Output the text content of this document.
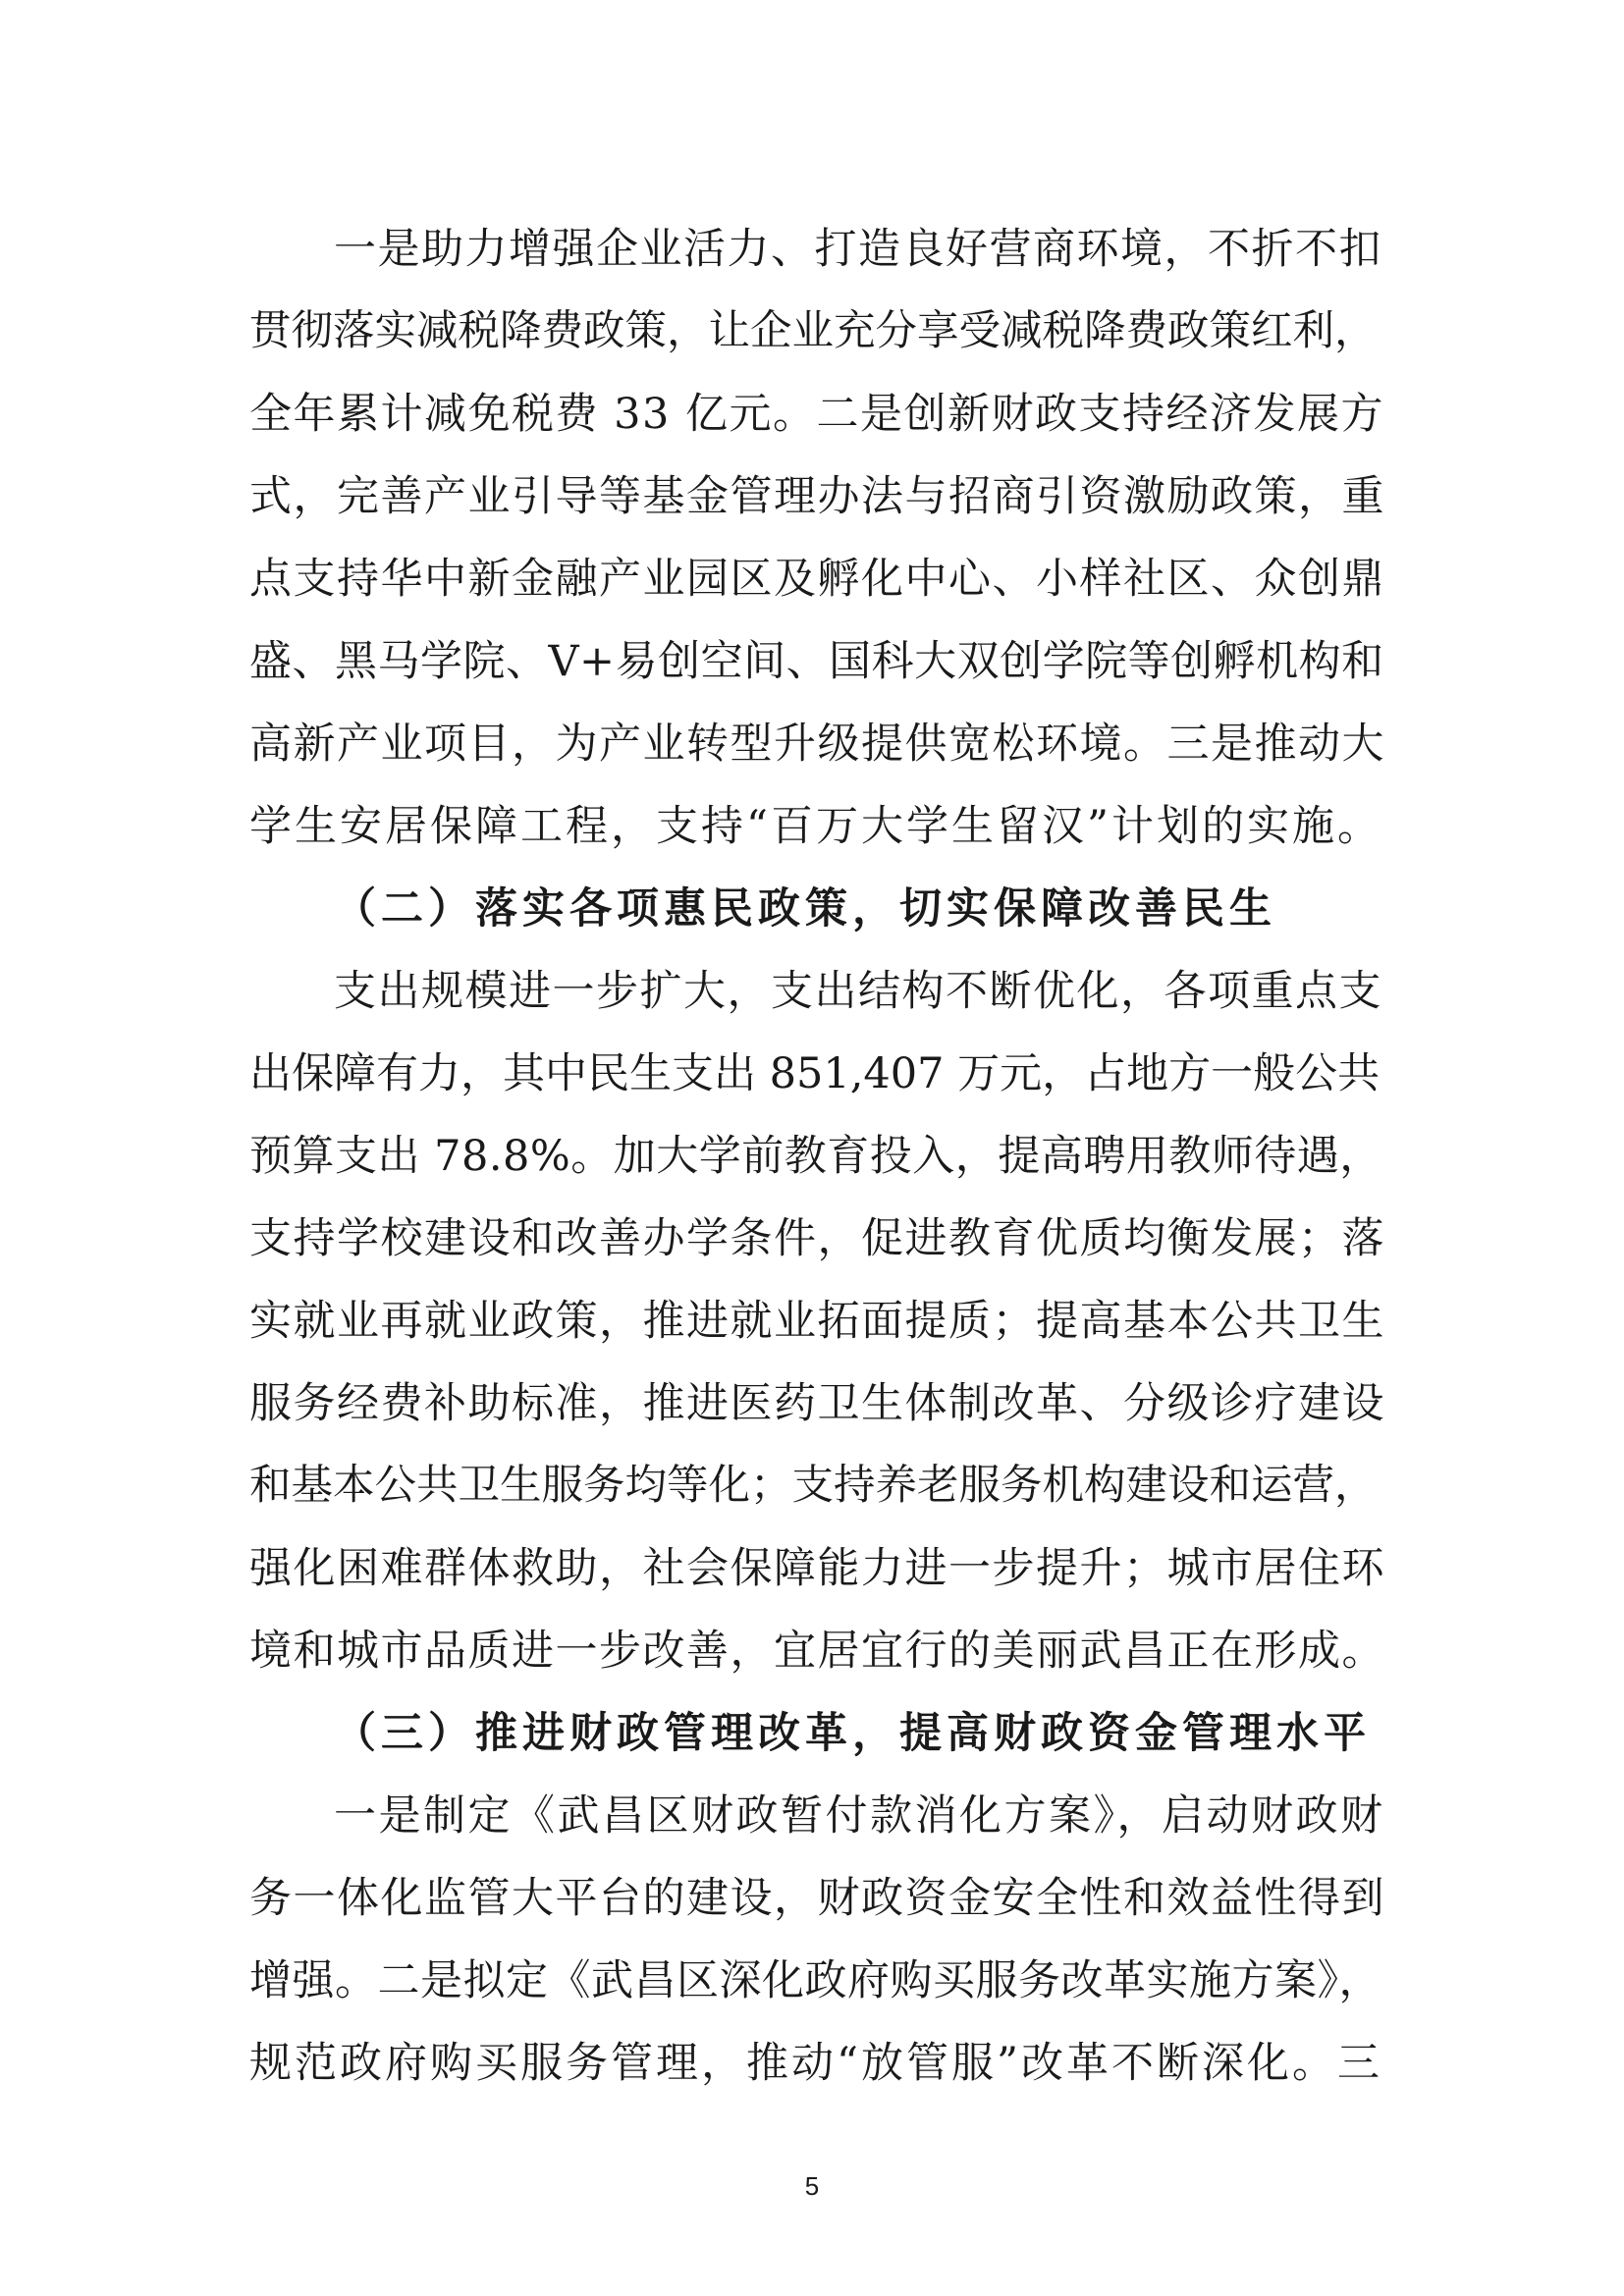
一是助力增强企业活力、打造良好营商环境，不折不扣
贯彻落实减税降费政策，让企业充分享受减税降费政策红利，
全年累计减免税费 33 亿元。二是创新财政支持经济发展方
式，完善产业引导等基金管理办法与招商引资激励政策，重
点支持华中新金融产业园区及孵化中心、小样社区、众创鼎
盛、黑马学院、V+易创空间、国科大双创学院等创孵机构和
高新产业项目，为产业转型升级提供宽松环境。三是推动大
学生安居保障工程，支持“百万大学生留汉”计划的实施。
（二）落实各项惠民政策，切实保障改善民生
支出规模进一步扩大，支出结构不断优化，各项重点支
出保障有力，其中民生支出 851,407 万元，占地方一般公共
预算支出 78.8%。加大学前教育投入，提高聘用教师待遇，
支持学校建设和改善办学条件，促进教育优质均衡发展；落
实就业再就业政策，推进就业拓面提质；提高基本公共卫生
服务经费补助标准，推进医药卫生体制改革、分级诊疗建设
和基本公共卫生服务均等化；支持养老服务机构建设和运营，
强化困难群体救助，社会保障能力进一步提升；城市居住环
境和城市品质进一步改善，宜居宜行的美丽武昌正在形成。
（三）推进财政管理改革，提高财政资金管理水平
一是制定《武昌区财政暂付款消化方案》，启动财政财
务一体化监管大平台的建设，财政资金安全性和效益性得到
增强。二是拟定《武昌区深化政府购买服务改革实施方案》，
规范政府购买服务管理，推动“放管服”改革不断深化。三
5
